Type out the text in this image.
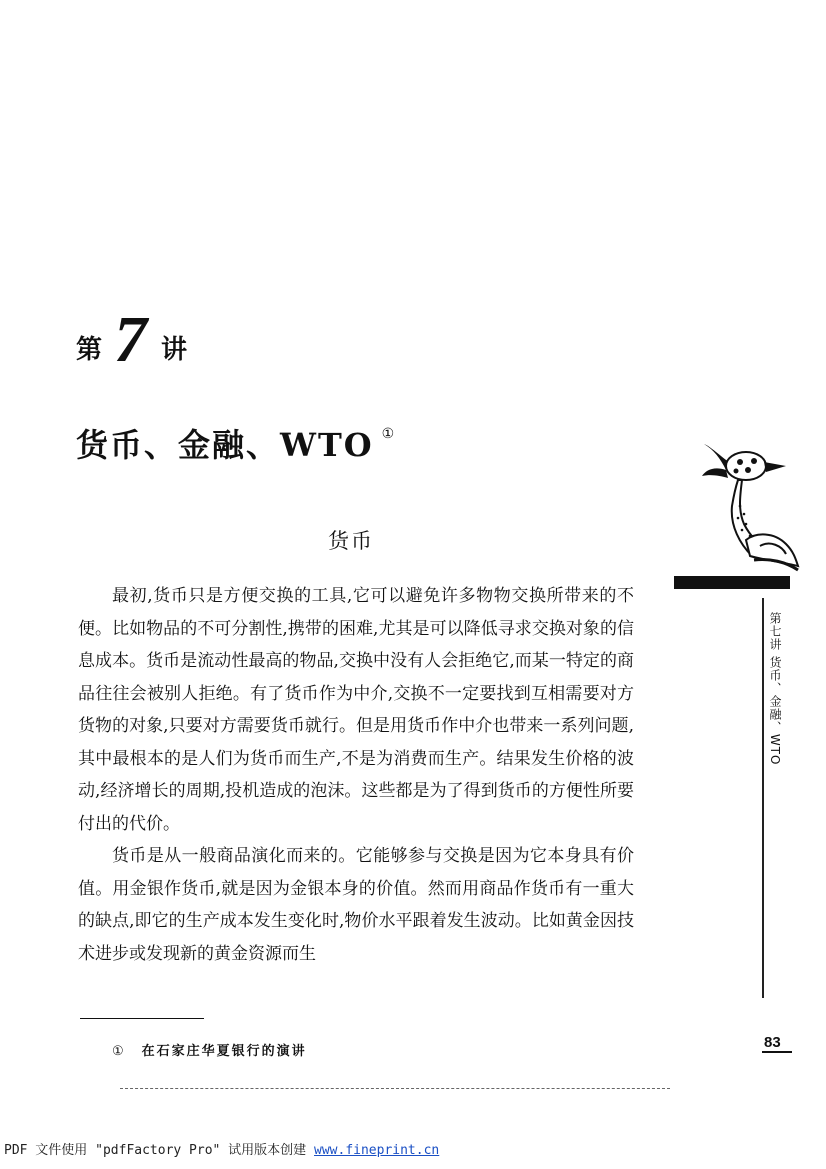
第 7 讲
货币、金融、WTO ①
货币

最初,货币只是方便交换的工具,它可以避免许多物物交换所带来的不便。比如物品的不可分割性,携带的困难,尤其是可以降低寻求交换对象的信息成本。货币是流动性最高的物品,交换中没有人会拒绝它,而某一特定的商品往往会被别人拒绝。有了货币作为中介,交换不一定要找到互相需要对方货物的对象,只要对方需要货币就行。但是用货币作中介也带来一系列问题,其中最根本的是人们为货币而生产,不是为消费而生产。结果发生价格的波动,经济增长的周期,投机造成的泡沫。这些都是为了得到货币的方便性所要付出的代价。

货币是从一般商品演化而来的。它能够参与交换是因为它本身具有价值。用金银作货币,就是因为金银本身的价值。然而用商品作货币有一重大的缺点,即它的生产成本发生变化时,物价水平跟着发生波动。比如黄金因技术进步或发现新的黄金资源而生

① 在石家庄华夏银行的演讲
PDF 文件使用 "pdfFactory Pro" 试用版本创建 www.fineprint.cn
第七讲 货币、金融、WTO
83
